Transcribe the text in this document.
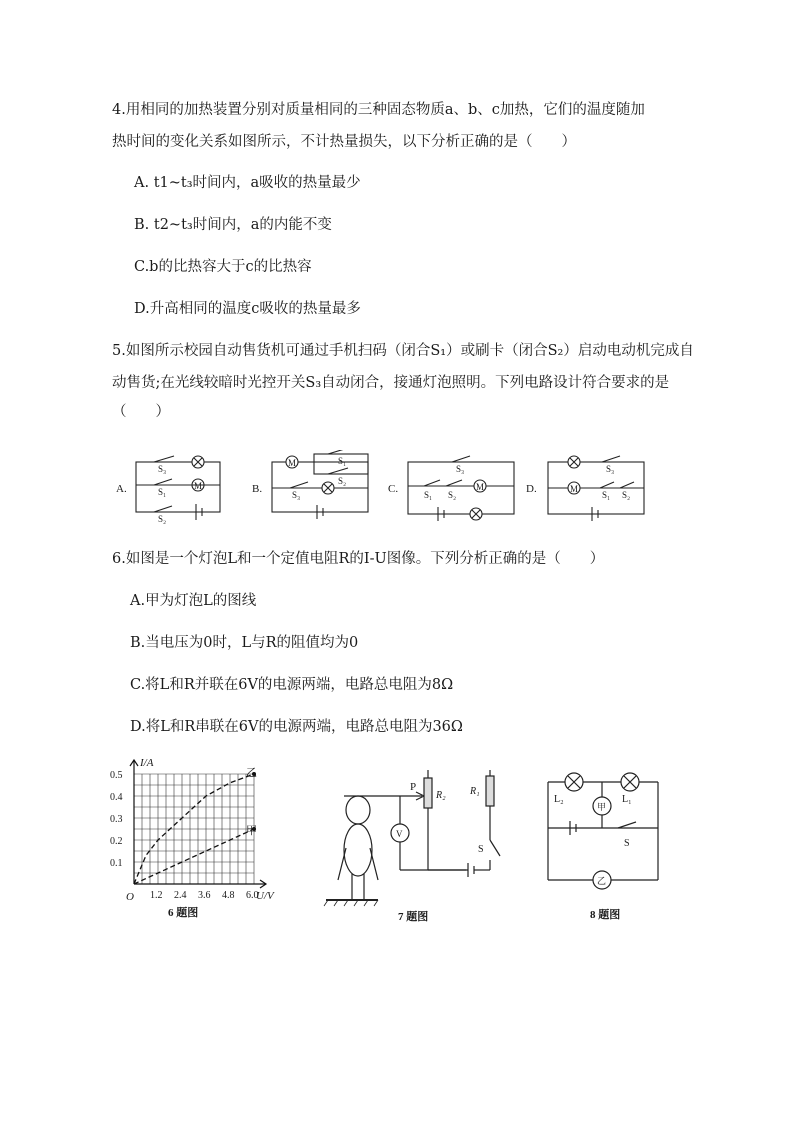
4.用相同的加热装置分别对质量相同的三种固态物质a、b、c加热，它们的温度随加
热时间的变化关系如图所示，不计热量损失，以下分析正确的是（　　）
A. t1~t₃时间内，a吸收的热量最少
B. t2~t₃时间内，a的内能不变
C.b的比热容大于c的比热容
D.升高相同的温度c吸收的热量最多
5.如图所示校园自动售货机可通过手机扫码（闭合S₁）或刷卡（闭合S₂）启动电动机完成自
动售货;在光线较暗时光控开关S₃自动闭合，接通灯泡照明。下列电路设计符合要求的是
（　　）
A.
S₃
S₁
S₂
M	B.
M	S₁
S₂
S₃	C.
S₃
S₁ S₂
M	D.
S₃
M
S₁ S₂
6.如图是一个灯泡L和一个定值电阻R的I-U图像。下列分析正确的是（　　）
A.甲为灯泡L的图线
B.当电压为0时，L与R的阻值均为0
C.将L和R并联在6V的电源两端，电路总电阻为8Ω
D.将L和R串联在6V的电源两端，电路总电阻为36Ω
1.2 2.4 3.6 4.8 6.0
0.1
0.2
0.3
0.4
0.5
I/A
U/V
O
乙
甲
6 题图
P
R₂ R₁
V
S
7 题图
L₂	L₁
甲
S
乙
8 题图
